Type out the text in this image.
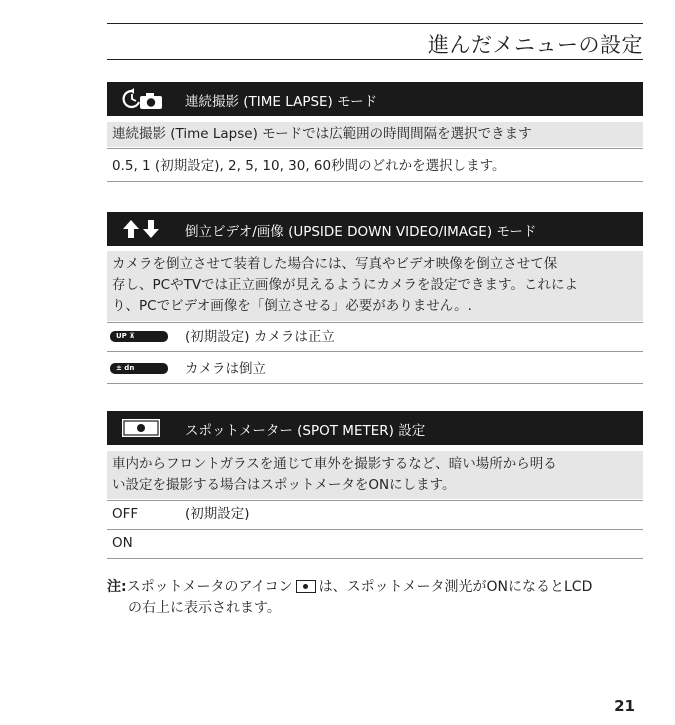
進んだメニューの設定
連続撮影 (TIME LAPSE) モード
連続撮影 (Time Lapse) モードでは広範囲の時間間隔を選択できます
0.5, 1 (初期設定), 2, 5, 10, 30, 60秒間のどれかを選択します。
倒立ビデオ/画像 (UPSIDE DOWN VIDEO/IMAGE) モード
カメラを倒立させて装着した場合には、写真やビデオ映像を倒立させて保
存し、PCやTVでは正立画像が見えるようにカメラを設定できます。これによ
り、PCでビデオ画像を「倒立させる」必要がありません。.
UP ⊼	(初期設定) カメラは正立
± dn	カメラは倒立
スポットメーター (SPOT METER) 設定
車内からフロントガラスを通じて車外を撮影するなど、暗い場所から明る
い設定を撮影する場合はスポットメータをONにします。
OFF	(初期設定)
ON
注:スポットメータのアイコン は、スポットメータ測光がONになるとLCD
の右上に表示されます。
21
